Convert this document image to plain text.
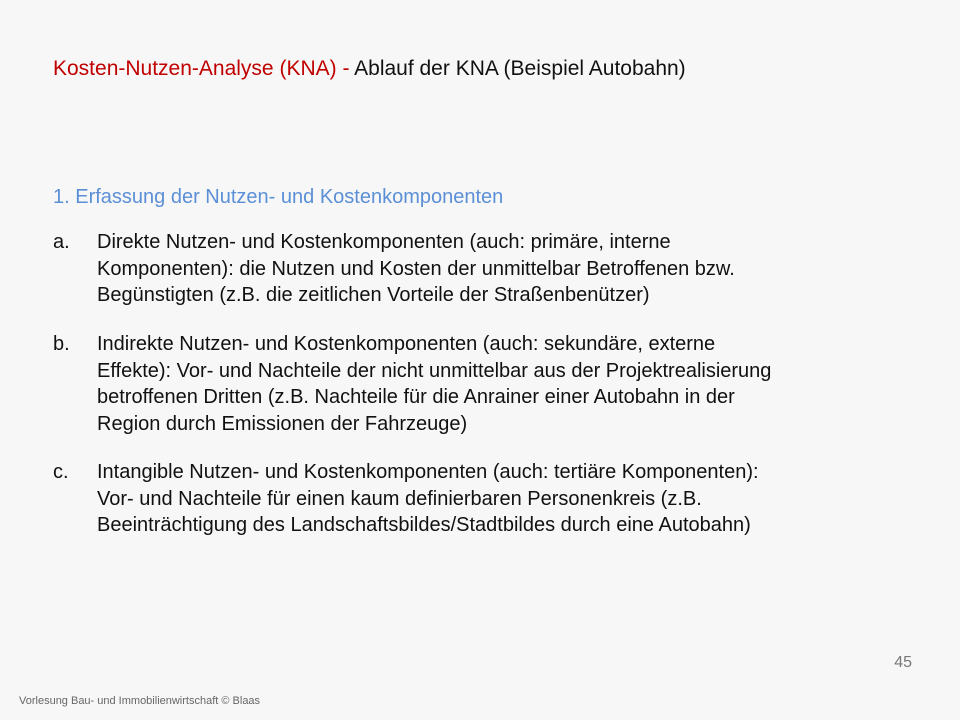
Kosten-Nutzen-Analyse (KNA) - Ablauf der KNA (Beispiel Autobahn)
1. Erfassung der Nutzen- und Kostenkomponenten
a.	Direkte Nutzen- und Kostenkomponenten (auch: primäre, interne
Komponenten): die Nutzen und Kosten der unmittelbar Betroffenen bzw.
Begünstigten (z.B. die zeitlichen Vorteile der Straßenbenützer)
b.	Indirekte Nutzen- und Kostenkomponenten (auch: sekundäre, externe
Effekte): Vor- und Nachteile der nicht unmittelbar aus der Projektrealisierung
betroffenen Dritten (z.B. Nachteile für die Anrainer einer Autobahn in der
Region durch Emissionen der Fahrzeuge)
c.	Intangible Nutzen- und Kostenkomponenten (auch: tertiäre Komponenten):
Vor- und Nachteile für einen kaum definierbaren Personenkreis (z.B.
Beeinträchtigung des Landschaftsbildes/Stadtbildes durch eine Autobahn)
45
Vorlesung Bau- und Immobilienwirtschaft © Blaas
